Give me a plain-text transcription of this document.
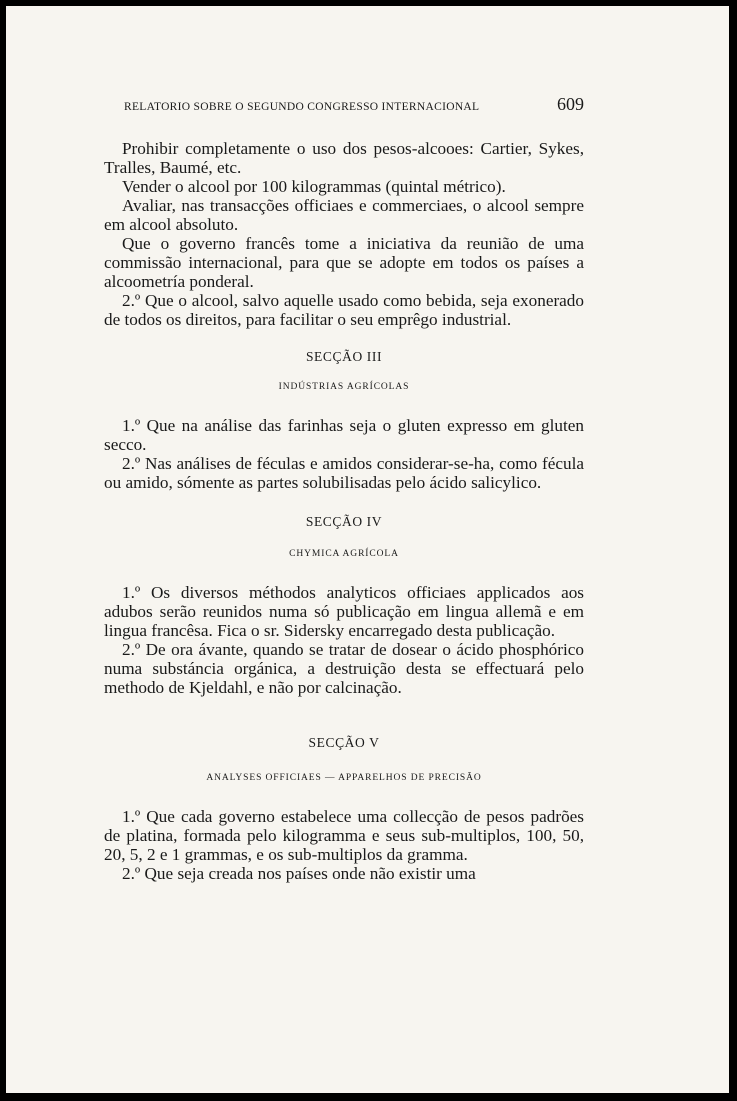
RELATORIO SOBRE O SEGUNDO CONGRESSO INTERNACIONAL	609

Prohibir completamente o uso dos pesos-alcooes: Cartier, Sykes, Tralles, Baumé, etc.

Vender o alcool por 100 kilogrammas (quintal métrico).

Avaliar, nas transacções officiaes e commerciaes, o alcool sempre em alcool absoluto.

Que o governo francês tome a iniciativa da reunião de uma commissão internacional, para que se adopte em todos os países a alcoometría ponderal.

2.º Que o alcool, salvo aquelle usado como bebida, seja exonerado de todos os direitos, para facilitar o seu emprêgo industrial.

SECÇÃO III
INDÚSTRIAS AGRÍCOLAS

1.º Que na análise das farinhas seja o gluten expresso em gluten secco.

2.º Nas análises de féculas e amidos considerar-se-ha, como fécula ou amido, sómente as partes solubilisadas pelo ácido salicylico.

SECÇÃO IV
CHYMICA AGRÍCOLA

1.º Os diversos méthodos analyticos officiaes applicados aos adubos serão reunidos numa só publicação em lingua allemã e em lingua francêsa. Fica o sr. Sidersky encarregado desta publicação.

2.º De ora ávante, quando se tratar de dosear o ácido phosphórico numa substáncia orgánica, a destruição desta se effectuará pelo methodo de Kjeldahl, e não por calcinação.

SECÇÃO V
ANALYSES OFFICIAES — APPARELHOS DE PRECISÃO

1.º Que cada governo estabelece uma collecção de pesos padrões de platina, formada pelo kilogramma e seus sub-multiplos, 100, 50, 20, 5, 2 e 1 grammas, e os sub-multiplos da gramma.

2.º Que seja creada nos países onde não existir uma
